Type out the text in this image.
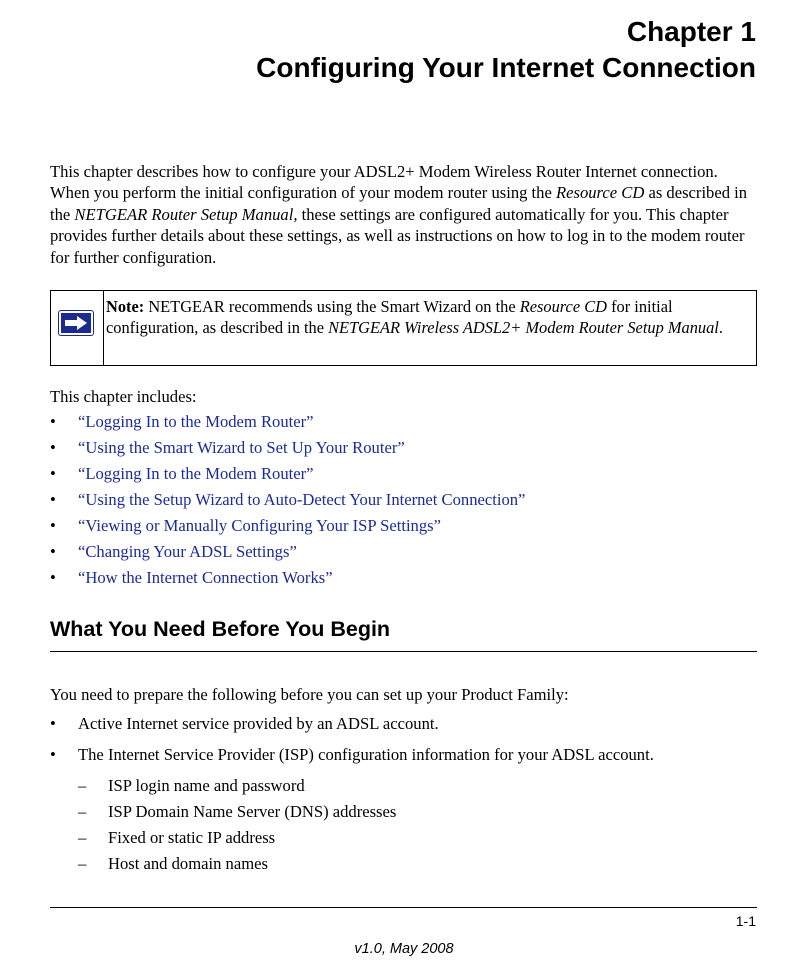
Chapter 1
Configuring Your Internet Connection
This chapter describes how to configure your ADSL2+ Modem Wireless Router Internet connection. When you perform the initial configuration of your modem router using the Resource CD as described in the NETGEAR Router Setup Manual, these settings are configured automatically for you. This chapter provides further details about these settings, as well as instructions on how to log in to the modem router for further configuration.
Note: NETGEAR recommends using the Smart Wizard on the Resource CD for initial configuration, as described in the NETGEAR Wireless ADSL2+ Modem Router Setup Manual.
This chapter includes:
• “Logging In to the Modem Router”
• “Using the Smart Wizard to Set Up Your Router”
• “Logging In to the Modem Router”
• “Using the Setup Wizard to Auto-Detect Your Internet Connection”
• “Viewing or Manually Configuring Your ISP Settings”
• “Changing Your ADSL Settings”
• “How the Internet Connection Works”
What You Need Before You Begin
You need to prepare the following before you can set up your Product Family:
• Active Internet service provided by an ADSL account.
• The Internet Service Provider (ISP) configuration information for your ADSL account.
– ISP login name and password
– ISP Domain Name Server (DNS) addresses
– Fixed or static IP address
– Host and domain names
1-1
v1.0, May 2008
